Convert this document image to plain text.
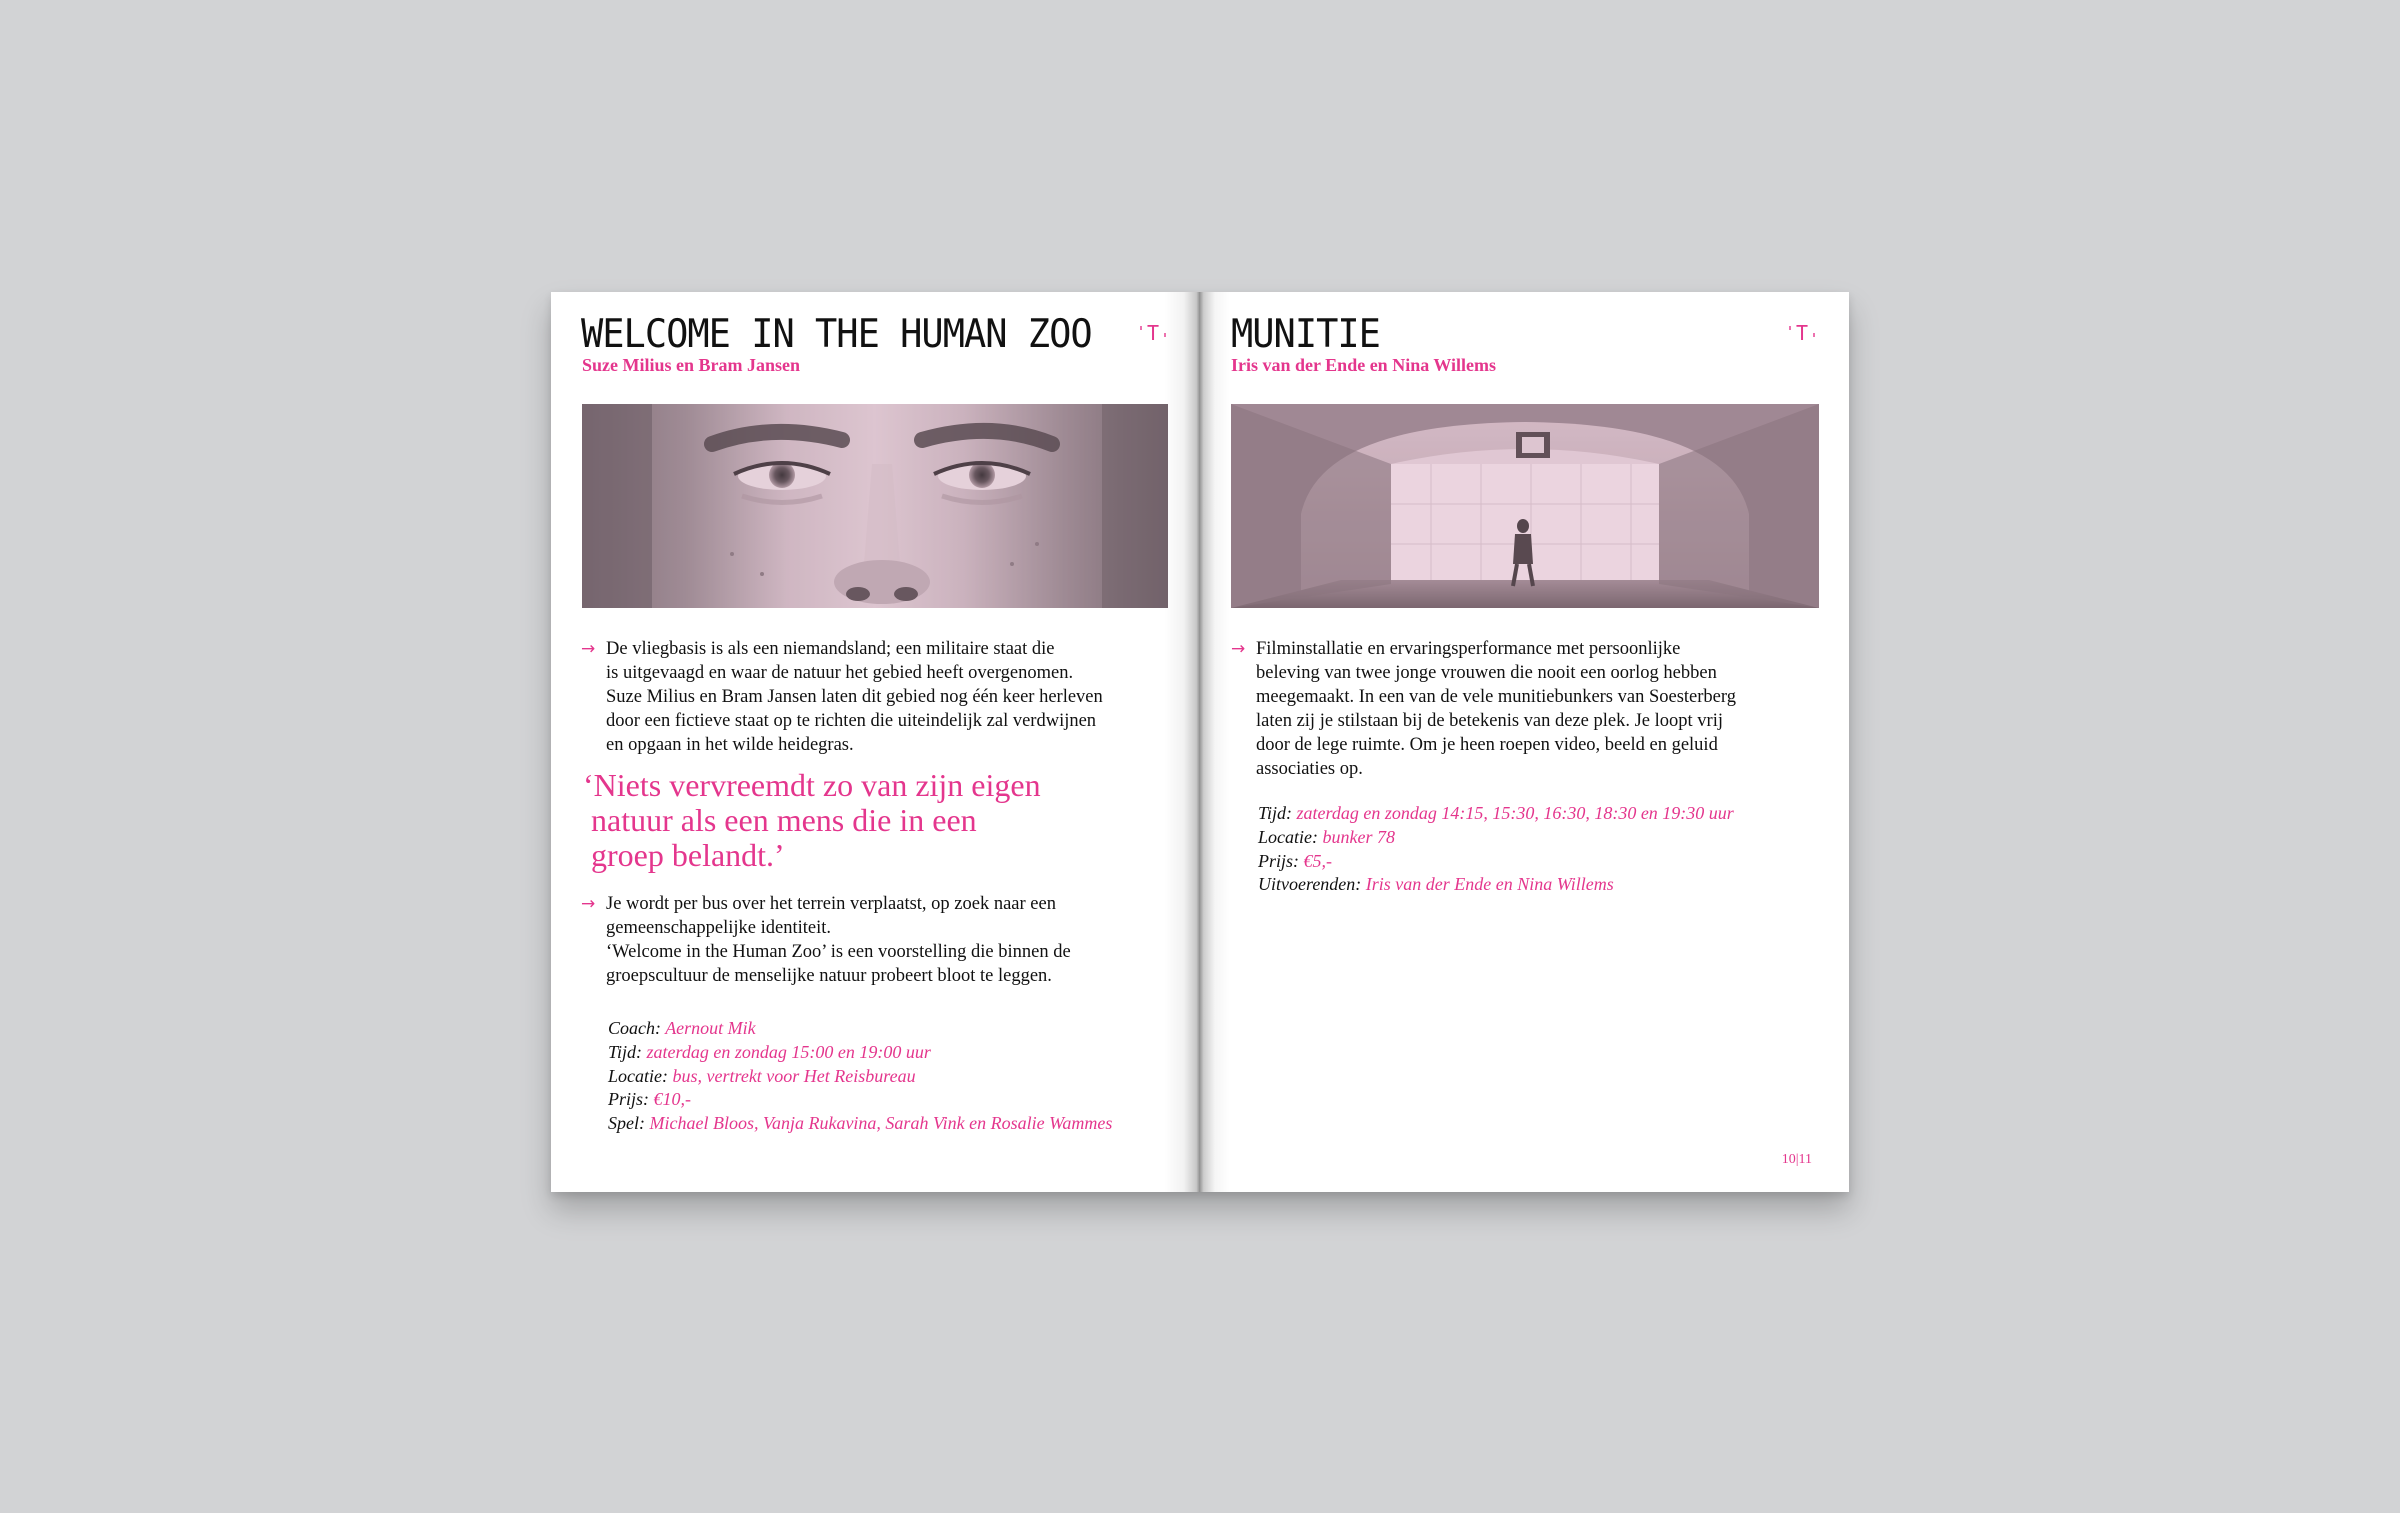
WELCOME IN THE HUMAN ZOO
Suze Milius en Bram Jansen
T
→ De vliegbasis is als een niemandsland; een militaire staat die
is uitgevaagd en waar de natuur het gebied heeft overgenomen.
Suze Milius en Bram Jansen laten dit gebied nog één keer herleven
door een fictieve staat op te richten die uiteindelijk zal verdwijnen
en opgaan in het wilde heidegras.
‘Niets vervreemdt zo van zijn eigen
natuur als een mens die in een
groep belandt.’
→ Je wordt per bus over het terrein verplaatst, op zoek naar een
gemeenschappelijke identiteit.
‘Welcome in the Human Zoo’ is een voorstelling die binnen de
groepscultuur de menselijke natuur probeert bloot te leggen.
Coach: Aernout Mik
Tijd: zaterdag en zondag 15:00 en 19:00 uur
Locatie: bus, vertrekt voor Het Reisbureau
Prijs: €10,-
Spel: Michael Bloos, Vanja Rukavina, Sarah Vink en Rosalie Wammes
MUNITIE
Iris van der Ende en Nina Willems
T
→ Filminstallatie en ervaringsperformance met persoonlijke
beleving van twee jonge vrouwen die nooit een oorlog hebben
meegemaakt. In een van de vele munitiebunkers van Soesterberg
laten zij je stilstaan bij de betekenis van deze plek. Je loopt vrij
door de lege ruimte. Om je heen roepen video, beeld en geluid
associaties op.
Tijd: zaterdag en zondag 14:15, 15:30, 16:30, 18:30 en 19:30 uur
Locatie: bunker 78
Prijs: €5,-
Uitvoerenden: Iris van der Ende en Nina Willems
10|11
